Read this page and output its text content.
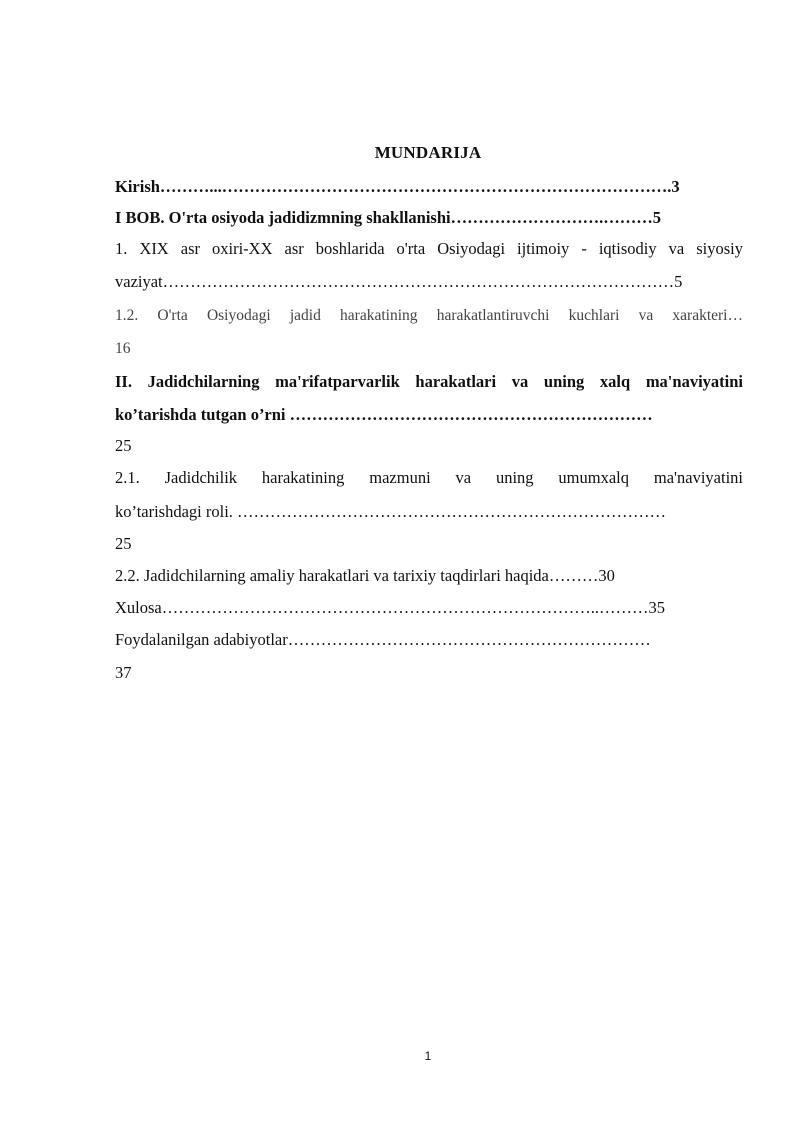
MUNDARIJA
Kirish………...……………………………………………………………………….3
I BOB. O'rta osiyoda jadidizmning shakllanishi……………………….………5
1. XIX asr oxiri-XX asr boshlarida o'rta Osiyodagi ijtimoiy - iqtisodiy va siyosiy
vaziyat…………………………………………………………………………………5
1.2. O'rta Osiyodagi jadid harakatining harakatlantiruvchi kuchlari va xarakteri…
16
II. Jadidchilarning ma'rifatparvarlik harakatlari va uning xalq ma'naviyatini
ko’tarishda tutgan o’rni …………………………………………………………
25
2.1. Jadidchilik harakatining mazmuni va uning umumxalq ma'naviyatini
ko’tarishdagi roli. ……………………………………………………………………
25
2.2. Jadidchilarning amaliy harakatlari va tarixiy taqdirlari haqida………30
Xulosa……………………………………………………………………..………35
Foydalanilgan adabiyotlar…………………………………………………………
37
1
